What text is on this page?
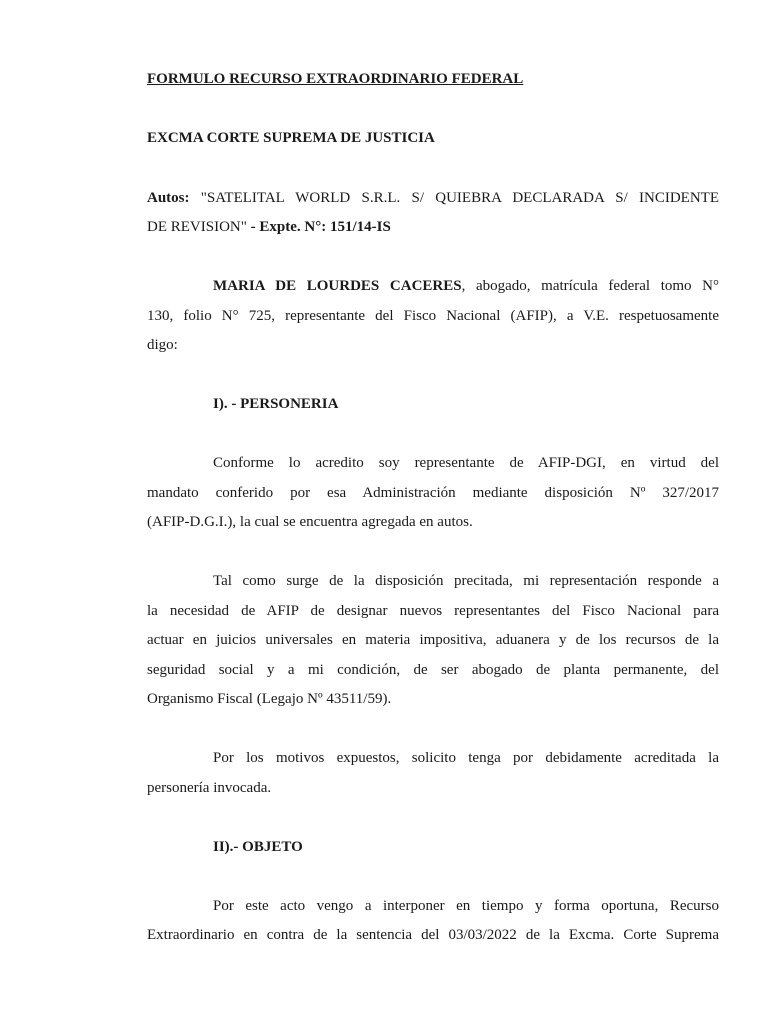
FORMULO RECURSO EXTRAORDINARIO FEDERAL
EXCMA CORTE SUPREMA DE JUSTICIA
Autos: "SATELITAL WORLD S.R.L. S/ QUIEBRA DECLARADA S/ INCIDENTE
DE REVISION" - Expte. N°: 151/14-IS
MARIA DE LOURDES CACERES, abogado, matrícula federal tomo N°
130, folio N° 725, representante del Fisco Nacional (AFIP), a V.E. respetuosamente
digo:
I). - PERSONERIA
Conforme lo acredito soy representante de AFIP-DGI, en virtud del
mandato conferido por esa Administración mediante disposición Nº 327/2017
(AFIP-D.G.I.), la cual se encuentra agregada en autos.
Tal como surge de la disposición precitada, mi representación responde a
la necesidad de AFIP de designar nuevos representantes del Fisco Nacional para
actuar en juicios universales en materia impositiva, aduanera y de los recursos de la
seguridad social y a mi condición, de ser abogado de planta permanente, del
Organismo Fiscal (Legajo Nº 43511/59).
Por los motivos expuestos, solicito tenga por debidamente acreditada la
personería invocada.
II).- OBJETO
Por este acto vengo a interponer en tiempo y forma oportuna, Recurso
Extraordinario en contra de la sentencia del 03/03/2022 de la Excma. Corte Suprema
